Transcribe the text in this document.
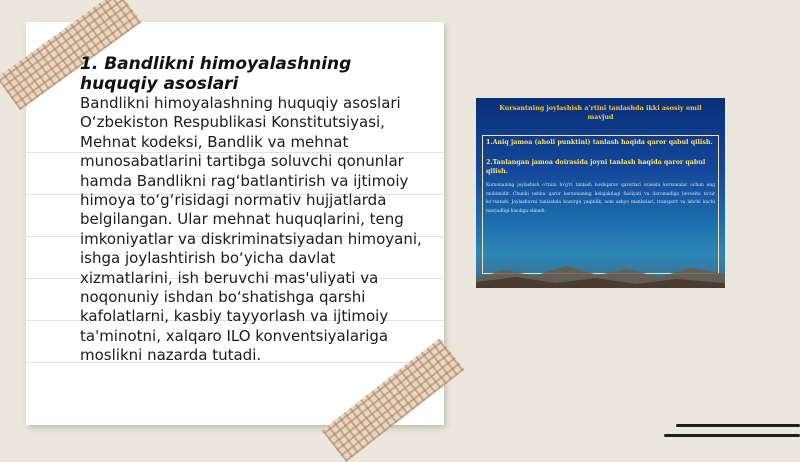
1. Bandlikni himoyalashning huquqiy asoslari

Bandlikni himoyalashning huquqiy asoslari O‘zbekiston Respublikasi Konstitutsiyasi, Mehnat kodeksi, Bandlik va mehnat munosabatlarini tartibga soluvchi qonunlar hamda Bandlikni rag‘batlantirish va ijtimoiy himoya to‘g‘risidagi normativ hujjatlarda belgilangan. Ular mehnat huquqlarini, teng imkoniyatlar va diskriminatsiyadan himoyani, ishga joylashtirish bo‘yicha davlat xizmatlarini, ish beruvchi mas'uliyati va noqonuniy ishdan bo‘shatishga qarshi kafolatlarni, kasbiy tayyorlash va ijtimoiy ta'minotni, xalqaro ILO konventsiyalariga moslikni nazarda tutadi.

Kursantning joylashish a'rtini tanlashda ikki asosiy omil mavjud
1.Aniq jamoa (aholi punktini) tanlash haqida qaror qabul qilish.
2.Tanlangan jamoa doirasida joyni tanlash haqida qaror qabul qilish.
Korxonaning joylashish o'rnini to'g'ri tanlash boshqaruv qarorlari orasida korxonalar uchun eng muhimidir. Chunki ushbu qaror korxonaning kelajakdagi faoliyati va daromadiga bevosita ta'sir ko'rsatadi. Joylashuvni tanlashda bozorga yaqinlik, xom ashyo manbalari, transport va ishchi kuchi mavjudligi hisobga olinadi.
